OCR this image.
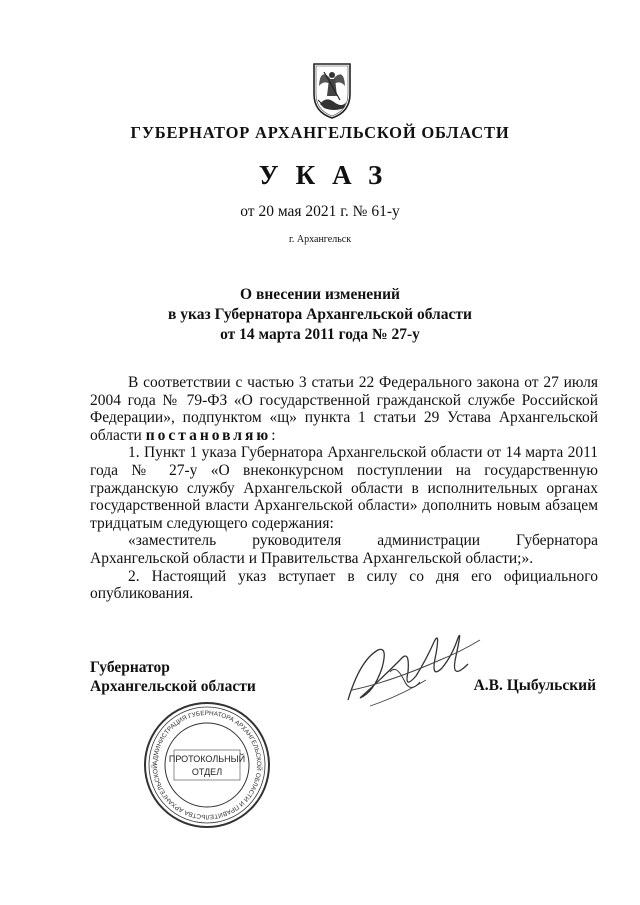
ГУБЕРНАТОР АРХАНГЕЛЬСКОЙ ОБЛАСТИ
УКАЗ
от 20 мая 2021 г. № 61-у
г. Архангельск
О внесении изменений
в указ Губернатора Архангельской области
от 14 марта 2011 года № 27-у

В соответствии с частью 3 статьи 22 Федерального закона от 27 июля 2004 года № 79-ФЗ «О государственной гражданской службе Российской Федерации», подпунктом «щ» пункта 1 статьи 29 Устава Архангельской области постановляю:

1. Пункт 1 указа Губернатора Архангельской области от 14 марта 2011 года № 27-у «О внеконкурсном поступлении на государственную гражданскую службу Архангельской области в исполнительных органах государственной власти Архангельской области» дополнить новым абзацем тридцатым следующего содержания:

«заместитель руководителя администрации Губернатора Архангельской области и Правительства Архангельской области;».

2. Настоящий указ вступает в силу со дня его официального опубликования.

Губернатор
Архангельской области	А.В. Цыбульский
АДМИНИСТРАЦИЯ ГУБЕРНАТОРА АРХАНГЕЛЬСКОЙ ОБЛАСТИ И ПРАВИТЕЛЬСТВА АРХАНГЕЛЬСКОЙ
ПРОТОКОЛЬНЫЙ
ОТДЕЛ
